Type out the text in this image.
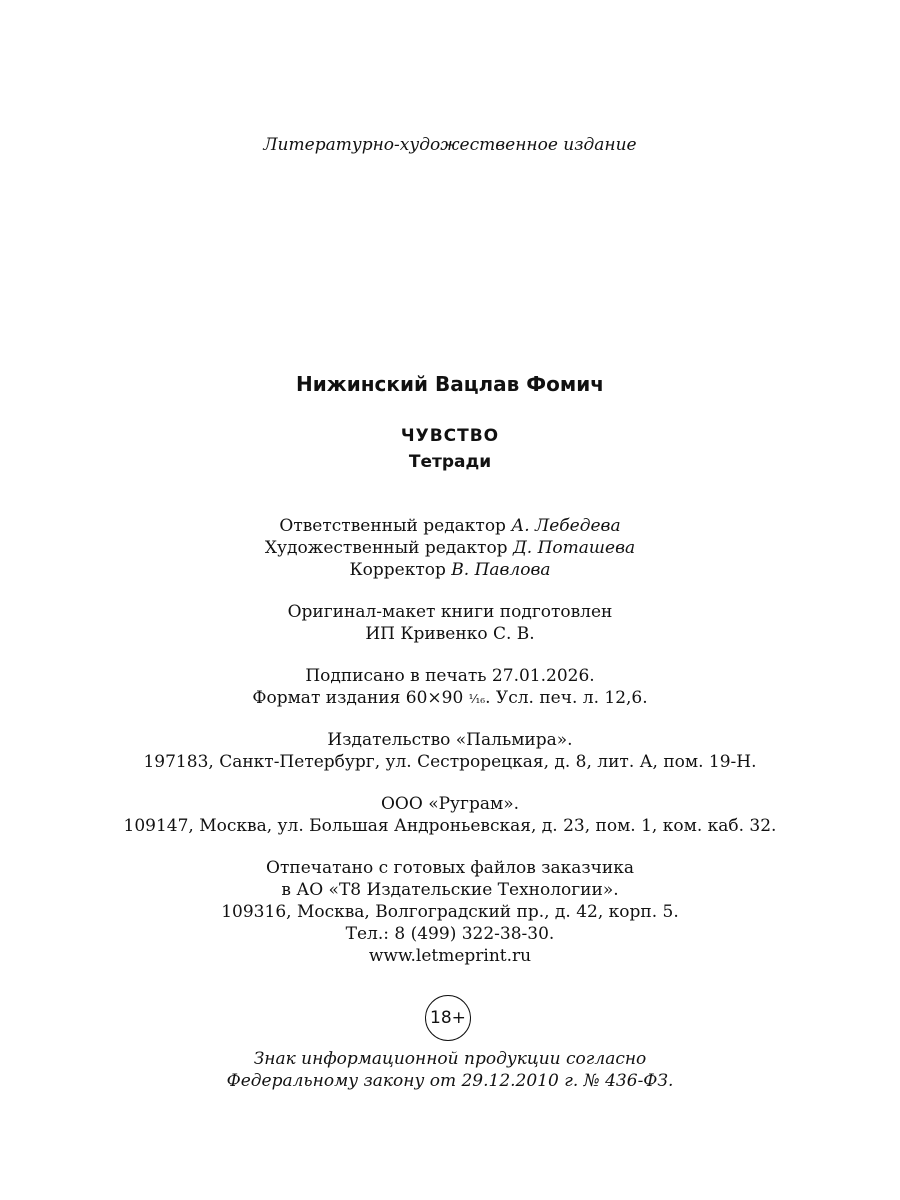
Литературно-художественное издание
Нижинский Вацлав Фомич
ЧУВСТВО
Тетради
Ответственный редактор А. Лебедева
Художественный редактор Д. Поташева
Корректор В. Павлова
Оригинал-макет книги подготовлен
ИП Кривенко С. В.
Подписано в печать 27.01.2026.
Формат издания 60×90 ¹⁄₁₆. Усл. печ. л. 12,6.
Издательство «Пальмира».
197183, Санкт-Петербург, ул. Сестрорецкая, д. 8, лит. А, пом. 19-Н.
ООО «Руграм».
109147, Москва, ул. Большая Андроньевская, д. 23, пом. 1, ком. каб. 32.
Отпечатано с готовых файлов заказчика
в АО «Т8 Издательские Технологии».
109316, Москва, Волгоградский пр., д. 42, корп. 5.
Тел.: 8 (499) 322-38-30.
www.letmeprint.ru
18+
Знак информационной продукции согласно
Федеральному закону от 29.12.2010 г. № 436-ФЗ.
